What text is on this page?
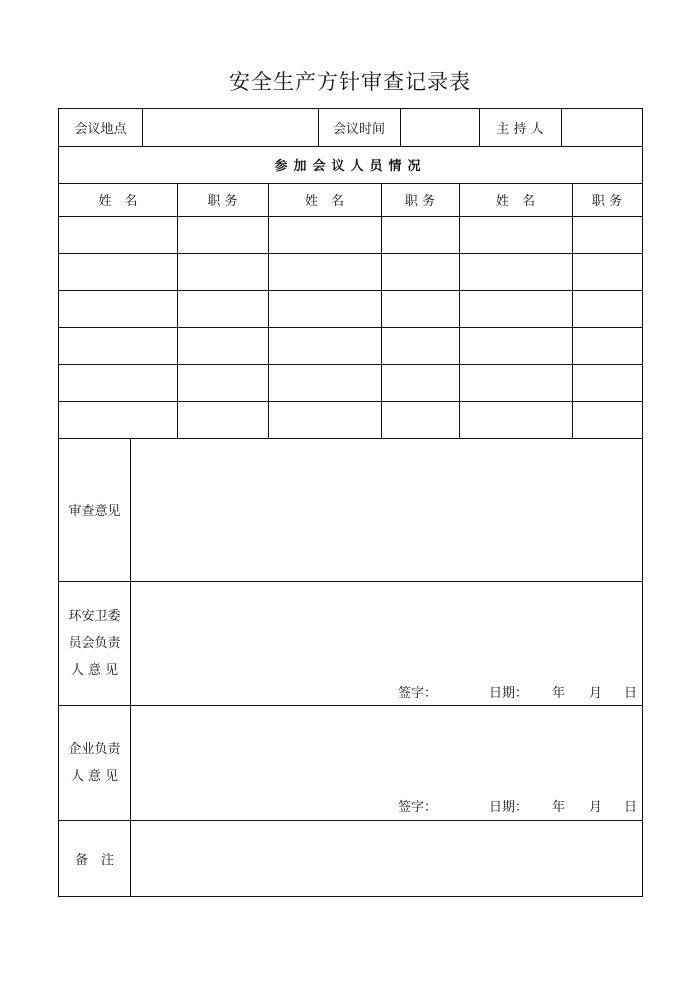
安全生产方针审查记录表
会议地点	会议时间	主 持 人
参加会议人员情况
姓　名	职 务	姓　名	职 务	姓　名	职 务
审查意见
环安卫委
员会负责
人 意 见
签字：	日期： 年 月 日
企业负责
人 意 见
签字：	日期： 年 月 日
备　注
